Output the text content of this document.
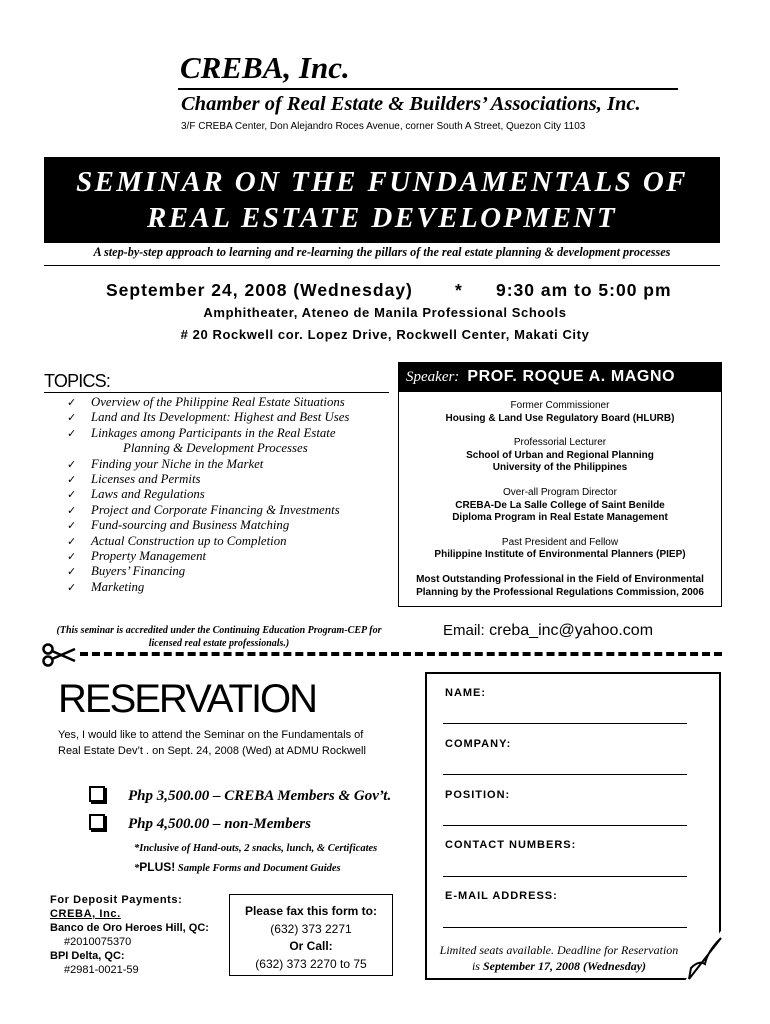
CREBA, Inc.
Chamber of Real Estate & Builders’ Associations, Inc.
3/F CREBA Center, Don Alejandro Roces Avenue, corner South A Street, Quezon City 1103
SEMINAR ON THE FUNDAMENTALS OF
REAL ESTATE DEVELOPMENT
A step-by-step approach to learning and re-learning the pillars of the real estate planning & development processes
September 24, 2008 (Wednesday) * 9:30 am to 5:00 pm
Amphitheater, Ateneo de Manila Professional Schools
# 20 Rockwell cor. Lopez Drive, Rockwell Center, Makati City
TOPICS:
✓	Overview of the Philippine Real Estate Situations
✓	Land and Its Development: Highest and Best Uses
✓	Linkages among Participants in the Real Estate
Planning & Development Processes
✓	Finding your Niche in the Market
✓	Licenses and Permits
✓	Laws and Regulations
✓	Project and Corporate Financing & Investments
✓	Fund-sourcing and Business Matching
✓	Actual Construction up to Completion
✓	Property Management
✓	Buyers’ Financing
✓	Marketing
(This seminar is accredited under the Continuing Education Program-CEP for licensed real estate professionals.)
Speaker: PROF. ROQUE A. MAGNO
Former Commissioner
Housing & Land Use Regulatory Board (HLURB)
Professorial Lecturer
School of Urban and Regional Planning
University of the Philippines
Over-all Program Director
CREBA-De La Salle College of Saint Benilde
Diploma Program in Real Estate Management
Past President and Fellow
Philippine Institute of Environmental Planners (PIEP)
Most Outstanding Professional in the Field of Environmental
Planning by the Professional Regulations Commission, 2006
Email: creba_inc@yahoo.com
RESERVATION
Yes, I would like to attend the Seminar on the Fundamentals of
Real Estate Dev’t . on Sept. 24, 2008 (Wed) at ADMU Rockwell
Php 3,500.00 – CREBA Members & Gov’t.
Php 4,500.00 – non-Members
*Inclusive of Hand-outs, 2 snacks, lunch, & Certificates
*PLUS! Sample Forms and Document Guides
For Deposit Payments:
CREBA, Inc.
Banco de Oro Heroes Hill, QC:
#2010075370
BPI Delta, QC:
#2981-0021-59
Please fax this form to:
(632) 373 2271
Or Call:
(632) 373 2270 to 75
NAME:
COMPANY:
POSITION:
CONTACT NUMBERS:
E-MAIL ADDRESS:
Limited seats available. Deadline for Reservation
is September 17, 2008 (Wednesday)
